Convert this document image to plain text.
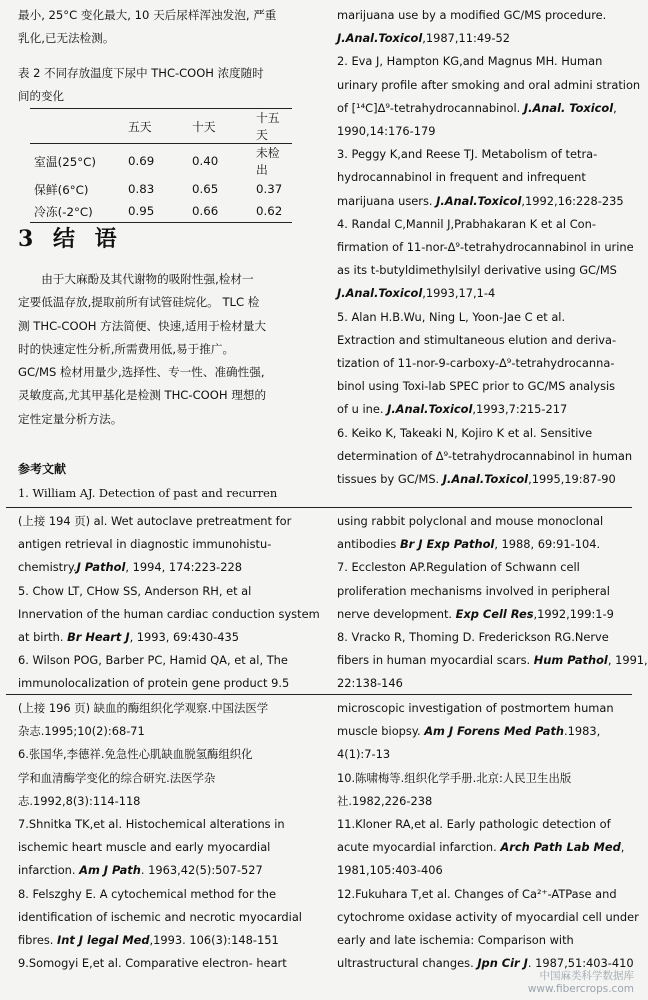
最小, 25°C 变化最大, 10 天后尿样浑浊发泡, 严重

乳化,已无法检测。

表 2 不同存放温度下尿中 THC-COOH 浓度随时
间的变化
	五天	十天	十五天
室温(25°C)	0.69	0.40	未检出
保鲜(6°C)	0.83	0.65	0.37
冷冻(-2°C)	0.95	0.66	0.62
3 结 语

由于大麻酚及其代谢物的吸附性强,检材一

定要低温存放,提取前所有试管硅烷化。 TLC 检

测 THC-COOH 方法简便、快速,适用于检材量大

时的快速定性分析,所需费用低,易于推广。

GC/MS 检材用量少,选择性、专一性、准确性强,

灵敏度高,尤其甲基化是检测 THC-COOH 理想的

定性定量分析方法。

参考文献
1. William AJ. Detection of past and recurren
marijuana use by a modified GC/MS procedure.
J.Anal.Toxicol,1987,11:49-52
2. Eva J, Hampton KG,and Magnus MH. Human
urinary profile after smoking and oral admini stration
of [¹⁴C]Δ⁹-tetrahydrocannabinol. J.Anal. Toxicol,
1990,14:176-179
3. Peggy K,and Reese TJ. Metabolism of tetra-
hydrocannabinol in frequent and infrequent
marijuana users. J.Anal.Toxicol,1992,16:228-235
4. Randal C,Mannil J,Prabhakaran K et al Con-
firmation of 11-nor-Δ⁹-tetrahydrocannabinol in urine
as its t-butyldimethylsilyl derivative using GC/MS
J.Anal.Toxicol,1993,17,1-4
5. Alan H.B.Wu, Ning L, Yoon-Jae C et al.
Extraction and stimultaneous elution and deriva-
tization of 11-nor-9-carboxy-Δ⁹-tetrahydrocanna-
binol using Toxi-lab SPEC prior to GC/MS analysis
of u ine. J.Anal.Toxicol,1993,7:215-217
6. Keiko K, Takeaki N, Kojiro K et al. Sensitive
determination of Δ⁹-tetrahydrocannabinol in human
tissues by GC/MS. J.Anal.Toxicol,1995,19:87-90
(上接 194 页) al. Wet autoclave pretreatment for
antigen retrieval in diagnostic immunohistu-
chemistry.J Pathol, 1994, 174:223-228
5. Chow LT, CHow SS, Anderson RH, et al
Innervation of the human cardiac conduction system
at birth. Br Heart J, 1993, 69:430-435
6. Wilson POG, Barber PC, Hamid QA, et al, The
immunolocalization of protein gene product 9.5
using rabbit polyclonal and mouse monoclonal
antibodies Br J Exp Pathol, 1988, 69:91-104.
7. Eccleston AP.Regulation of Schwann cell
proliferation mechanisms involved in peripheral
nerve development. Exp Cell Res,1992,199:1-9
8. Vracko R, Thoming D. Frederickson RG.Nerve
fibers in human myocardial scars. Hum Pathol, 1991,
22:138-146
(上接 196 页) 缺血的酶组织化学观察.中国法医学
杂志.1995;10(2):68-71
6.张国华,李德祥.免急性心肌缺血脱氢酶组织化
学和血清酶学变化的综合研究.法医学杂
志.1992,8(3):114-118
7.Shnitka TK,et al. Histochemical alterations in
ischemic heart muscle and early myocardial
infarction. Am J Path. 1963,42(5):507-527
8. Felszghy E. A cytochemical method for the
identification of ischemic and necrotic myocardial
fibres. Int J legal Med,1993. 106(3):148-151
9.Somogyi E,et al. Comparative electron- heart
microscopic investigation of postmortem human
muscle biopsy. Am J Forens Med Path.1983,
4(1):7-13
10.陈啸梅等.组织化学手册.北京:人民卫生出版
社.1982,226-238
11.Kloner RA,et al. Early pathologic detection of
acute myocardial infarction. Arch Path Lab Med,
1981,105:403-406
12.Fukuhara T,et al. Changes of Ca²⁺-ATPase and
cytochrome oxidase activity of myocardial cell under
early and late ischemia: Comparison with
ultrastructural changes. Jpn Cir J. 1987,51:403-410
中国麻类科学数据库
www.fibercrops.com
